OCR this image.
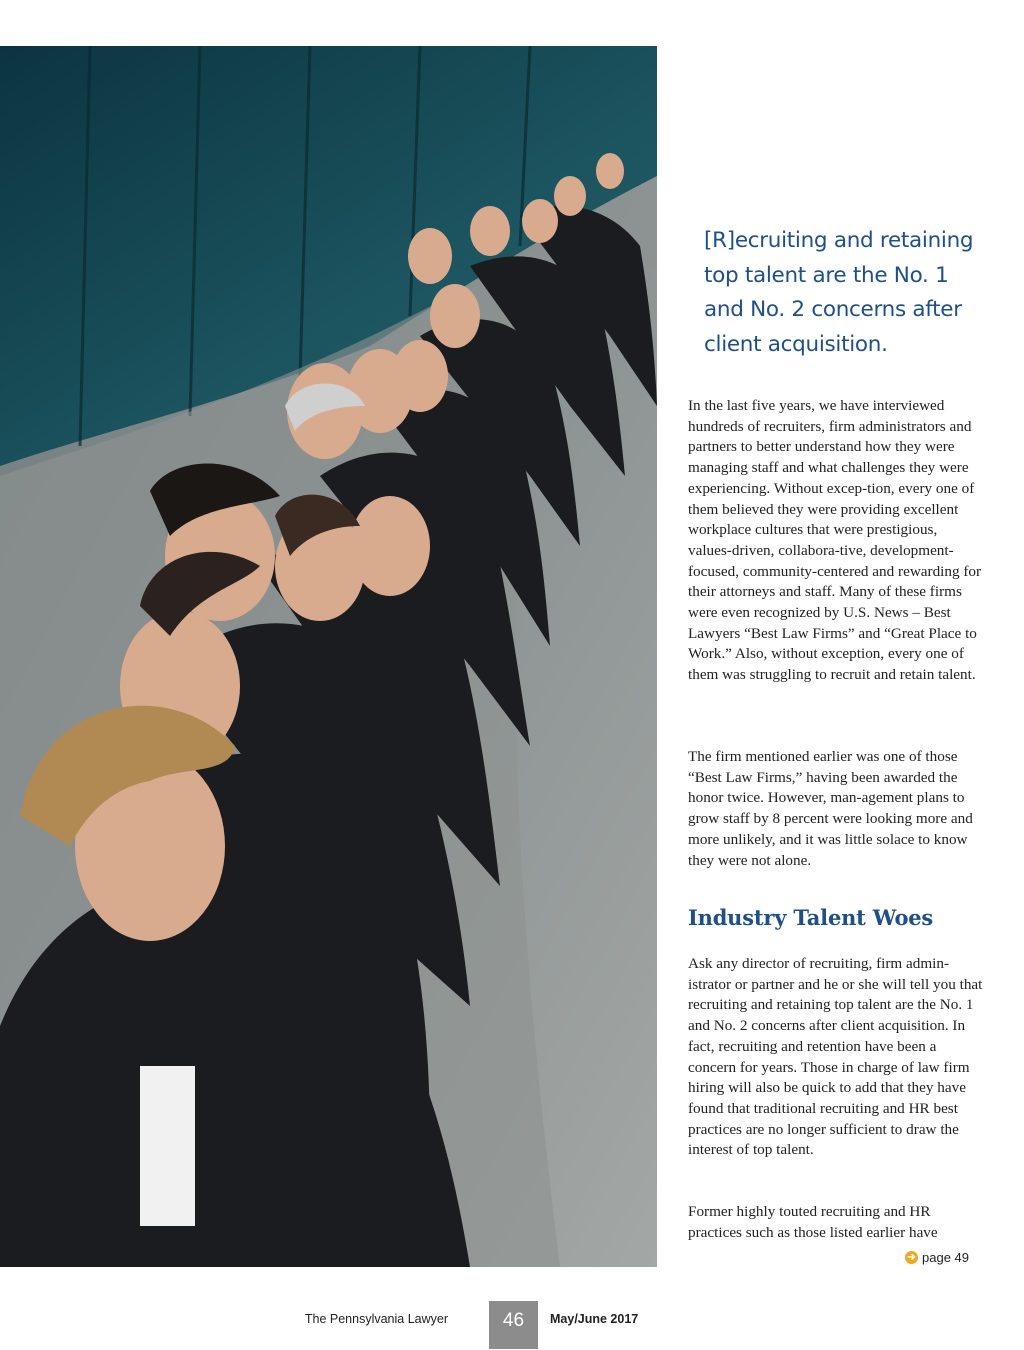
[R]ecruiting and retaining top talent are the No. 1 and No. 2 concerns after client acquisition.

In the last five years, we have interviewed hundreds of recruiters, firm administrators and partners to better understand how they were managing staff and what challenges they were experiencing. Without excep-tion, every one of them believed they were providing excellent workplace cultures that were prestigious, values-driven, collabora-tive, development-focused, community-centered and rewarding for their attorneys and staff. Many of these firms were even recognized by U.S. News – Best Lawyers “Best Law Firms” and “Great Place to Work.” Also, without exception, every one of them was struggling to recruit and retain talent.

The firm mentioned earlier was one of those “Best Law Firms,” having been awarded the honor twice. However, man-agement plans to grow staff by 8 percent were looking more and more unlikely, and it was little solace to know they were not alone.

Industry Talent Woes

Ask any director of recruiting, firm admin-istrator or partner and he or she will tell you that recruiting and retaining top talent are the No. 1 and No. 2 concerns after client acquisition. In fact, recruiting and retention have been a concern for years. Those in charge of law firm hiring will also be quick to add that they have found that traditional recruiting and HR best practices are no longer sufficient to draw the interest of top talent.

Former highly touted recruiting and HR practices such as those listed earlier have

➔ page 49
The Pennsylvania Lawyer	46	May/June 2017
